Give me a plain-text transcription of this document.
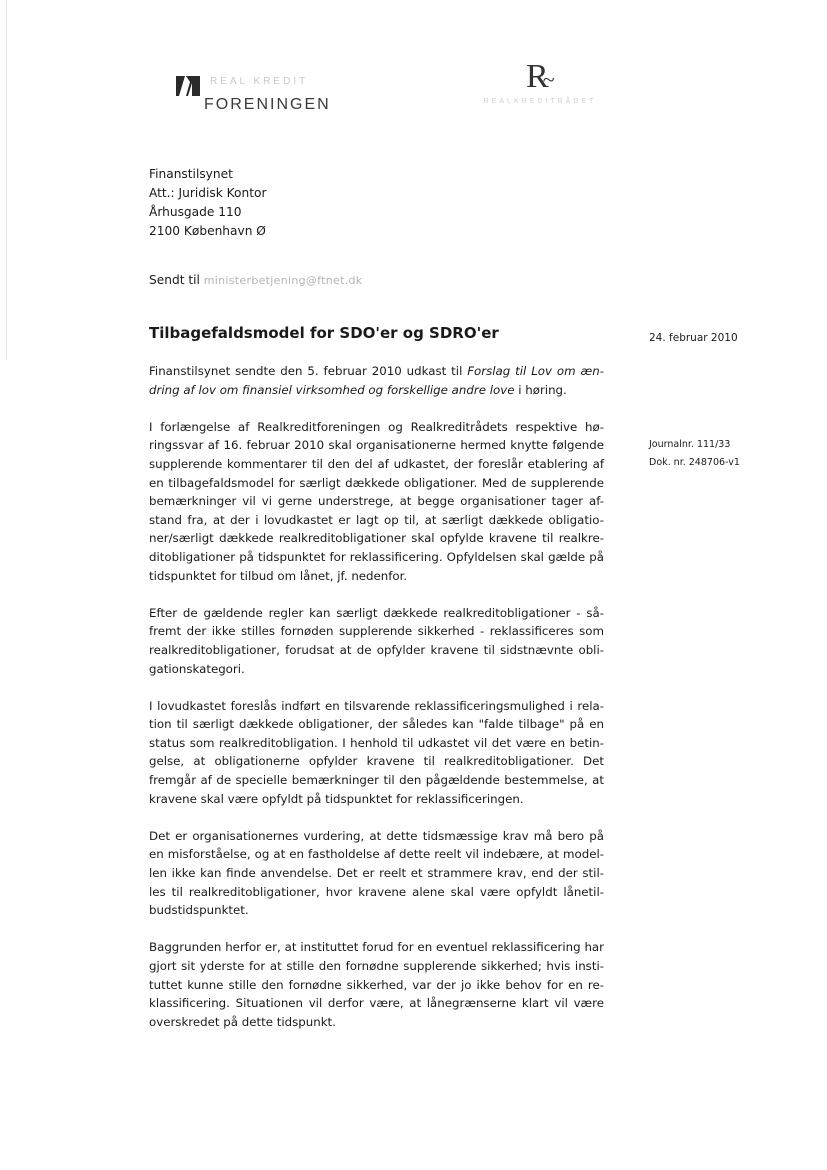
REAL KREDIT
FORENINGEN
R~
REALKREDITRÅDET
Finanstilsynet
Att.: Juridisk Kontor
Århusgade 110
2100 København Ø
Sendt til ministerbetjening@ftnet.dk
Tilbagefaldsmodel for SDO'er og SDRO'er	24. februar 2010
Journalnr. 111/33
Dok. nr. 248706-v1

Finanstilsynet sendte den 5. februar 2010 udkast til Forslag til Lov om æn-
dring af lov om finansiel virksomhed og forskellige andre love i høring.

I forlængelse af Realkreditforeningen og Realkreditrådets respektive hø-
ringssvar af 16. februar 2010 skal organisationerne hermed knytte følgende
supplerende kommentarer til den del af udkastet, der foreslår etablering af
en tilbagefaldsmodel for særligt dækkede obligationer. Med de supplerende
bemærkninger vil vi gerne understrege, at begge organisationer tager af-
stand fra, at der i lovudkastet er lagt op til, at særligt dækkede obligatio-
ner/særligt dækkede realkreditobligationer skal opfylde kravene til realkre-
ditobligationer på tidspunktet for reklassificering. Opfyldelsen skal gælde på
tidspunktet for tilbud om lånet, jf. nedenfor.

Efter de gældende regler kan særligt dækkede realkreditobligationer - så-
fremt der ikke stilles fornøden supplerende sikkerhed - reklassificeres som
realkreditobligationer, forudsat at de opfylder kravene til sidstnævnte obli-
gationskategori.

I lovudkastet foreslås indført en tilsvarende reklassificeringsmulighed i rela-
tion til særligt dækkede obligationer, der således kan "falde tilbage" på en
status som realkreditobligation. I henhold til udkastet vil det være en betin-
gelse, at obligationerne opfylder kravene til realkreditobligationer. Det
fremgår af de specielle bemærkninger til den pågældende bestemmelse, at
kravene skal være opfyldt på tidspunktet for reklassificeringen.

Det er organisationernes vurdering, at dette tidsmæssige krav må bero på
en misforståelse, og at en fastholdelse af dette reelt vil indebære, at model-
len ikke kan finde anvendelse. Det er reelt et strammere krav, end der stil-
les til realkreditobligationer, hvor kravene alene skal være opfyldt lånetil-
budstidspunktet.

Baggrunden herfor er, at instituttet forud for en eventuel reklassificering har
gjort sit yderste for at stille den fornødne supplerende sikkerhed; hvis insti-
tuttet kunne stille den fornødne sikkerhed, var der jo ikke behov for en re-
klassificering. Situationen vil derfor være, at lånegrænserne klart vil være
overskredet på dette tidspunkt.
